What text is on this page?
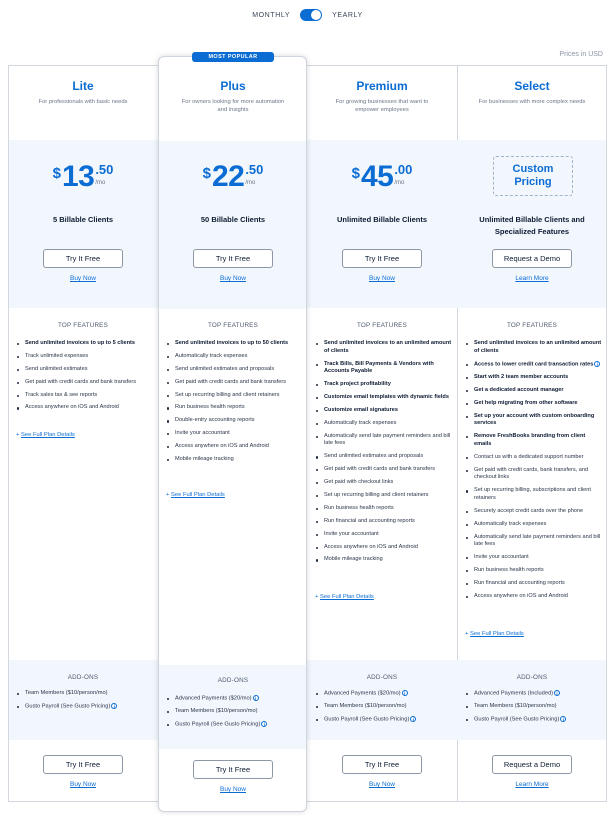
MONTHLY	YEARLY
Prices in USD
MOST POPULAR
Lite
For professionals with basic needs
$ 13 .50
/mo
5 Billable Clients
Try It Free
Buy Now
TOP FEATURES
Send unlimited invoices to up to 5 clients
Track unlimited expenses
Send unlimited estimates
Get paid with credit cards and bank transfers
Track sales tax & see reports
Access anywhere on iOS and Android
+ See Full Plan Details
ADD-ONS
Team Members ($10/person/mo)
Gusto Payroll (See Gusto Pricing) i
Try It Free
Buy Now
Plus
For owners looking for more automation and insights
$ 22 .50
/mo
50 Billable Clients
Try It Free
Buy Now
TOP FEATURES
Send unlimited invoices to up to 50 clients
Automatically track expenses
Send unlimited estimates and proposals
Get paid with credit cards and bank transfers
Set up recurring billing and client retainers
Run business health reports
Double-entry accounting reports
Invite your accountant
Access anywhere on iOS and Android
Mobile mileage tracking
+ See Full Plan Details
ADD-ONS
Advanced Payments ($20/mo) i
Team Members ($10/person/mo)
Gusto Payroll (See Gusto Pricing) i
Try It Free
Buy Now
Premium
For growing businesses that want to empower employees
$ 45 .00
/mo
Unlimited Billable Clients
Try It Free
Buy Now
TOP FEATURES
Send unlimited invoices to an unlimited amount of clients
Track Bills, Bill Payments & Vendors with Accounts Payable
Track project profitability
Customize email templates with dynamic fields
Customize email signatures
Automatically track expenses
Automatically send late payment reminders and bill late fees
Send unlimited estimates and proposals
Get paid with credit cards and bank transfers
Get paid with checkout links
Set up recurring billing and client retainers
Run business health reports
Run financial and accounting reports
Invite your accountant
Access anywhere on iOS and Android
Mobile mileage tracking
+ See Full Plan Details
ADD-ONS
Advanced Payments ($20/mo) i
Team Members ($10/person/mo)
Gusto Payroll (See Gusto Pricing) i
Try It Free
Buy Now
Select
For businesses with more complex needs
Custom Pricing
Unlimited Billable Clients and Specialized Features
Request a Demo
Learn More
TOP FEATURES
Send unlimited invoices to an unlimited amount of clients
Access to lower credit card transaction rates i
Start with 2 team member accounts
Get a dedicated account manager
Get help migrating from other software
Set up your account with custom onboarding services
Remove FreshBooks branding from client emails
Contact us with a dedicated support number
Get paid with credit cards, bank transfers, and checkout links
Set up recurring billing, subscriptions and client retainers
Securely accept credit cards over the phone
Automatically track expenses
Automatically send late payment reminders and bill late fees
Invite your accountant
Run business health reports
Run financial and accounting reports
Access anywhere on iOS and Android
+ See Full Plan Details
ADD-ONS
Advanced Payments (Included) i
Team Members ($10/person/mo)
Gusto Payroll (See Gusto Pricing) i
Request a Demo
Learn More
